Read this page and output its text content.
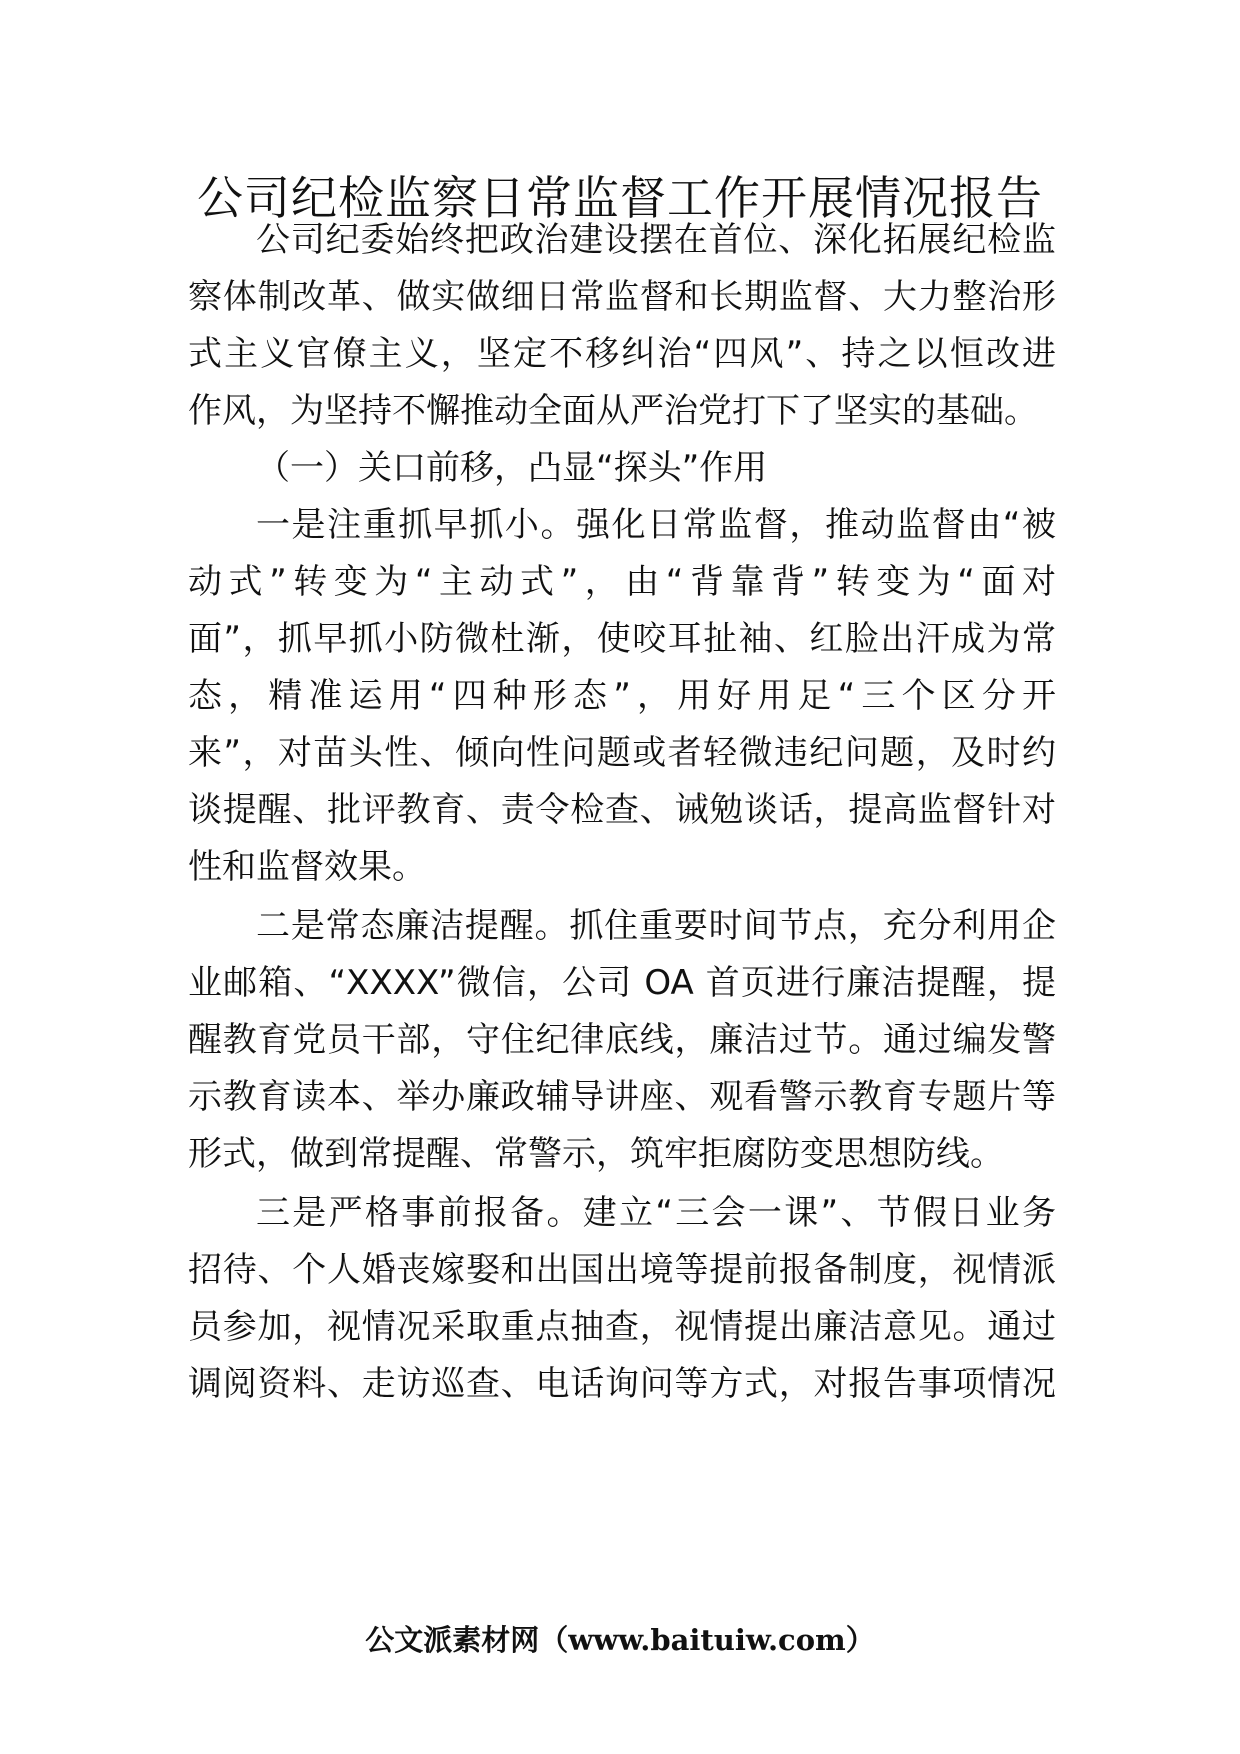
公司纪检监察日常监督工作开展情况报告
公司纪委始终把政治建设摆在首位、深化拓展纪检监
察体制改革、做实做细日常监督和长期监督、大力整治形
式主义官僚主义，坚定不移纠治“四风”、持之以恒改进
作风，为坚持不懈推动全面从严治党打下了坚实的基础。
（一）关口前移，凸显“探头”作用
一是注重抓早抓小。强化日常监督，推动监督由“被
动式”转变为“主动式”，由“背靠背”转变为“面对
面”，抓早抓小防微杜渐，使咬耳扯袖、红脸出汗成为常
态，精准运用“四种形态”，用好用足“三个区分开
来”，对苗头性、倾向性问题或者轻微违纪问题，及时约
谈提醒、批评教育、责令检查、诫勉谈话，提高监督针对
性和监督效果。
二是常态廉洁提醒。抓住重要时间节点，充分利用企
业邮箱、“XXXX”微信，公司 OA 首页进行廉洁提醒，提
醒教育党员干部，守住纪律底线，廉洁过节。通过编发警
示教育读本、举办廉政辅导讲座、观看警示教育专题片等
形式，做到常提醒、常警示，筑牢拒腐防变思想防线。
三是严格事前报备。建立“三会一课”、节假日业务
招待、个人婚丧嫁娶和出国出境等提前报备制度，视情派
员参加，视情况采取重点抽查，视情提出廉洁意见。通过
调阅资料、走访巡查、电话询问等方式，对报告事项情况
公文派素材网（www.baituiw.com）
